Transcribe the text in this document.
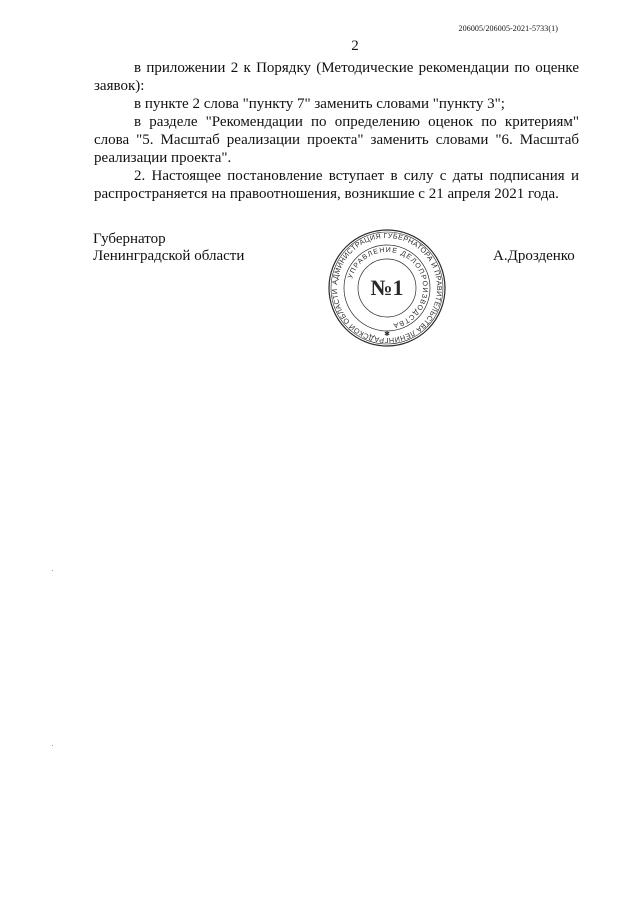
206005/206005-2021-5733(1)
2

в приложении 2 к Порядку (Методические рекомендации по оценке заявок):

в пункте 2 слова "пункту 7" заменить словами "пункту 3";

в разделе "Рекомендации по определению оценок по критериям" слова "5. Масштаб реализации проекта" заменить словами "6. Масштаб реализации проекта".

2. Настоящее постановление вступает в силу с даты подписания и распространяется на правоотношения, возникшие с 21 апреля 2021 года.

Губернатор
Ленинградской области	А.Дрозденко
АДМИНИСТРАЦИЯ ГУБЕРНАТОРА И ПРАВИТЕЛЬСТВА ЛЕНИНГРАДСКОЙ ОБЛАСТИ
УПРАВЛЕНИЕ ДЕЛОПРОИЗВОДСТВА
№1
✱
